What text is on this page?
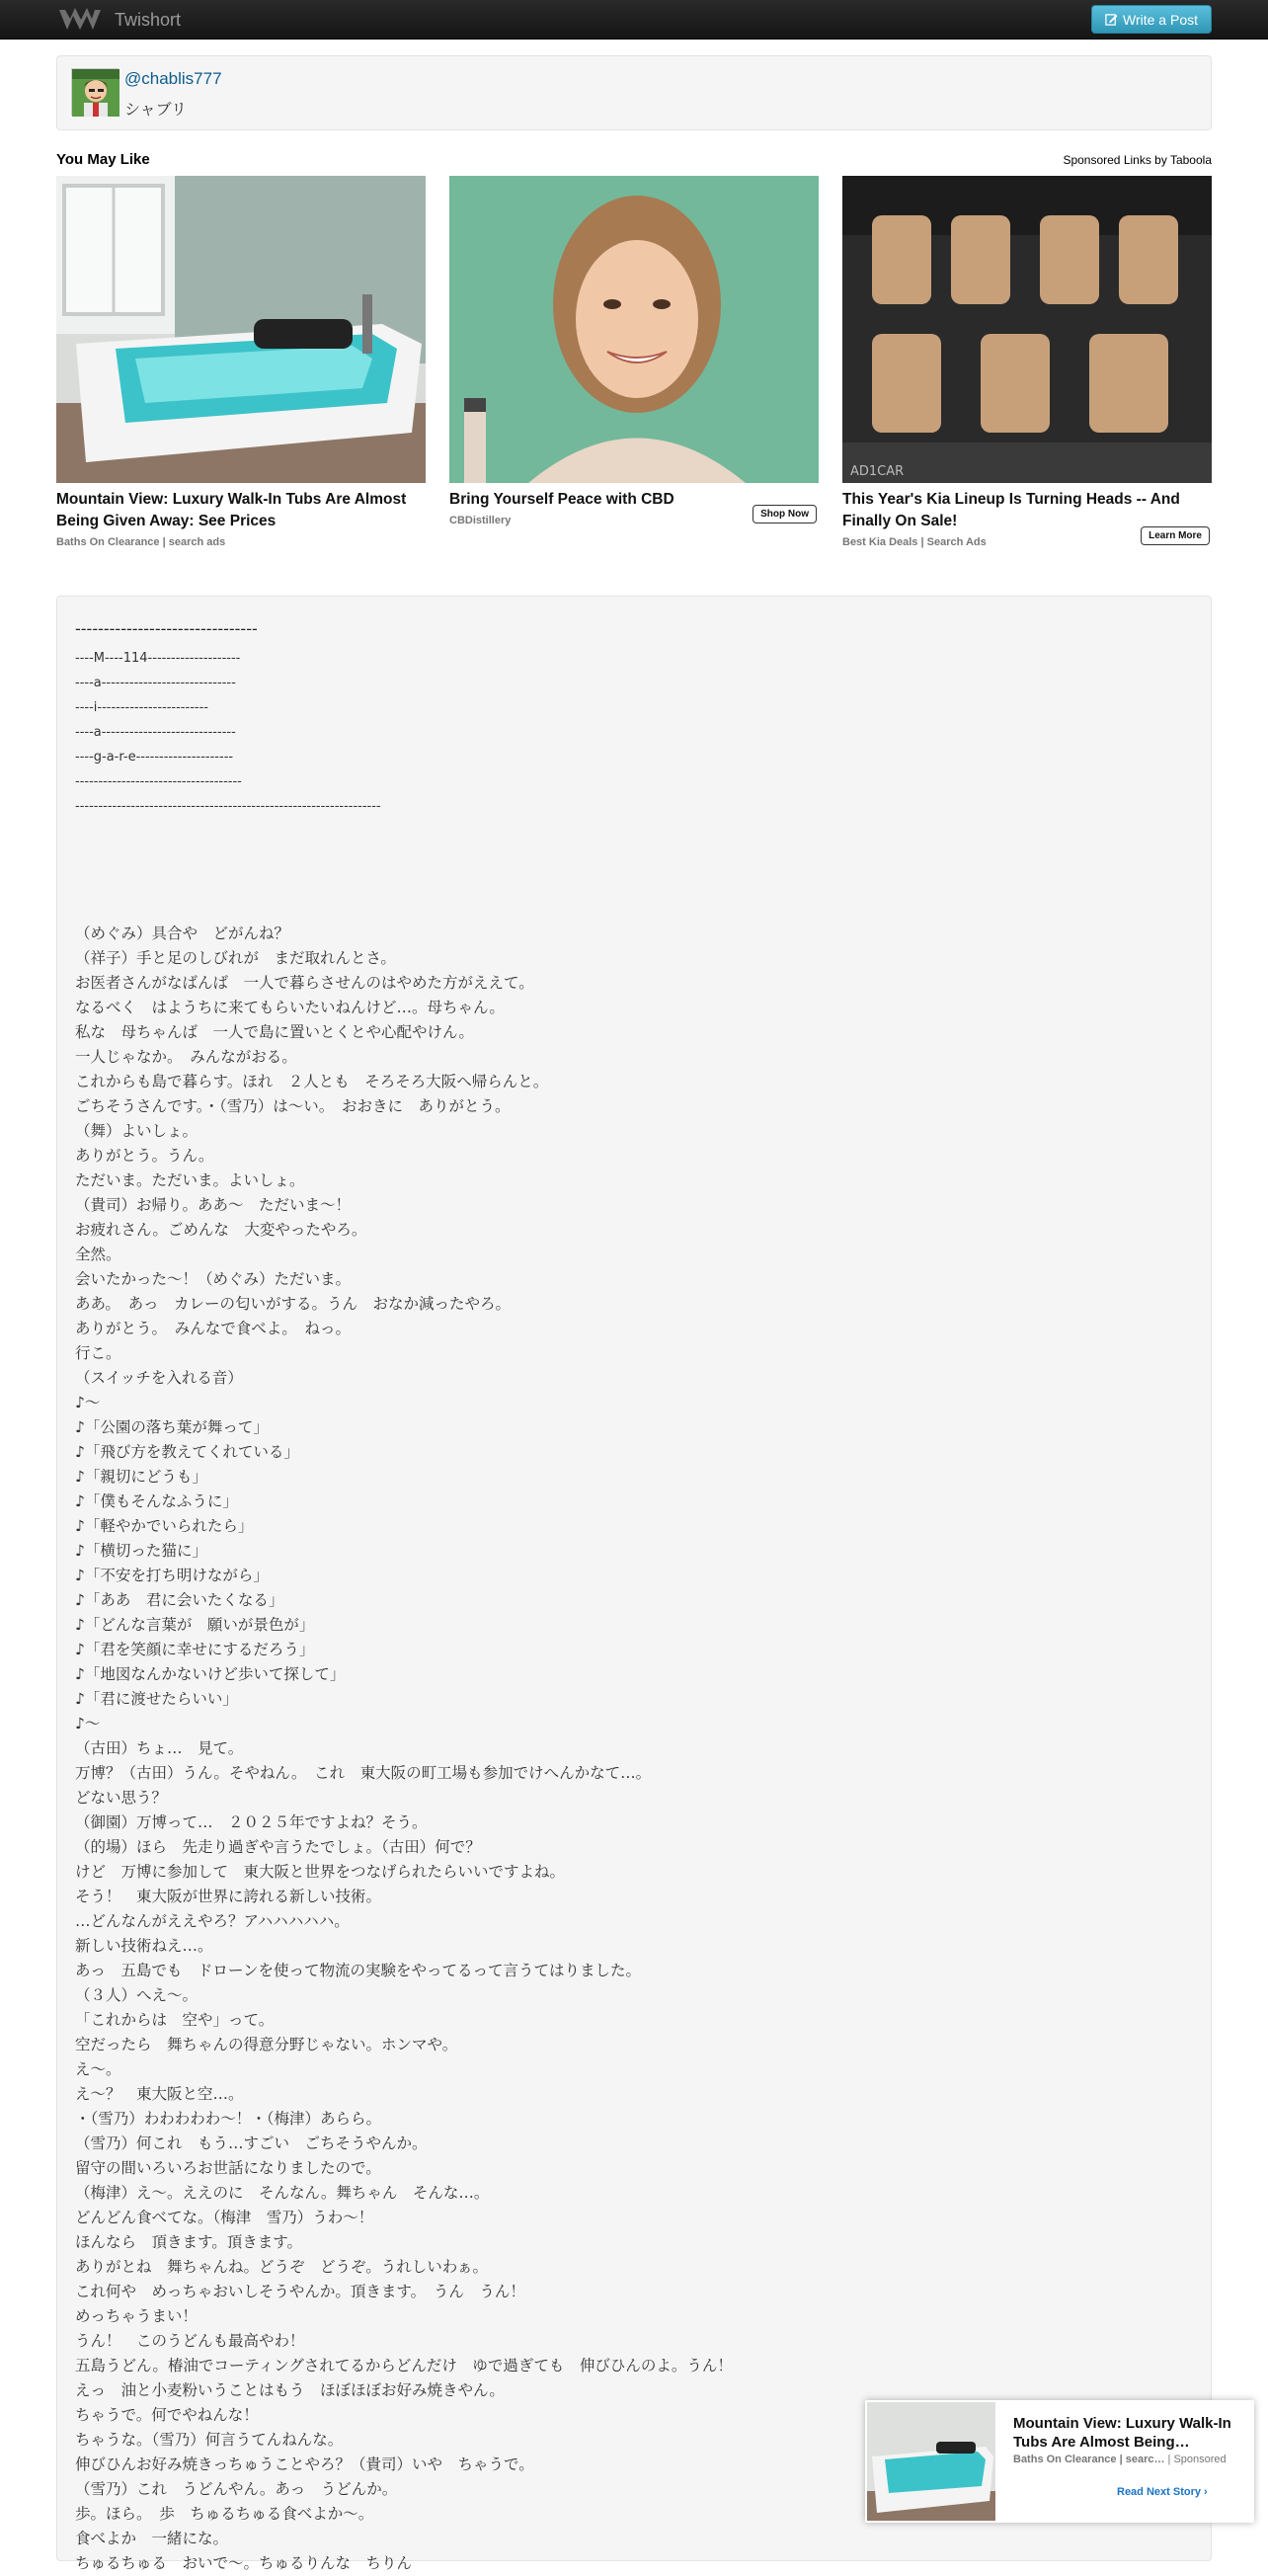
Twishort	Write a Post
@chablis777
シャブリ
You May Like	Sponsored Links by Taboola
Mountain View: Luxury Walk-In Tubs Are Almost Being Given Away: See Prices
Baths On Clearance | search ads
Bring Yourself Peace with CBD
CBDistillery
Shop Now
AD1CAR
This Year's Kia Lineup Is Turning Heads -- And Finally On Sale!
Best Kia Deals | Search Ads
Learn More
--------------------------------
----M----114--------------------
----a-----------------------------
----i------------------------
----a-----------------------------
----g-a-r-e---------------------
------------------------------------
------------------------------------------------------------------
（めぐみ）具合や　どがんね？
（祥子）手と足のしびれが　まだ取れんとさ。
お医者さんがなばんば　一人で暮らさせんのはやめた方がええて。
なるべく　はようちに来てもらいたいねんけど…。母ちゃん。
私な　母ちゃんば　一人で島に置いとくとや心配やけん。
一人じゃなか。　みんながおる。
これからも島で暮らす。ほれ　２人とも　そろそろ大阪へ帰らんと。
ごちそうさんです。・（雪乃）は～い。　おおきに　ありがとう。
（舞）よいしょ。
ありがとう。うん。
ただいま。ただいま。よいしょ。
（貴司）お帰り。ああ～　ただいま～！
お疲れさん。ごめんな　大変やったやろ。
全然。
会いたかった～！（めぐみ）ただいま。
ああ。　あっ　カレーの匂いがする。うん　おなか減ったやろ。
ありがとう。　みんなで食べよ。　ねっ。
行こ。
（スイッチを入れる音）
♪～
♪「公園の落ち葉が舞って」
♪「飛び方を教えてくれている」
♪「親切にどうも」
♪「僕もそんなふうに」
♪「軽やかでいられたら」
♪「横切った猫に」
♪「不安を打ち明けながら」
♪「ああ　君に会いたくなる」
♪「どんな言葉が　願いが景色が」
♪「君を笑顔に幸せにするだろう」
♪「地図なんかないけど歩いて探して」
♪「君に渡せたらいい」
♪～
（古田）ちょ…　見て。
万博？（古田）うん。そやねん。　これ　東大阪の町工場も参加でけへんかなて…。
どない思う？
（御園）万博って…　２０２５年ですよね？そう。
（的場）ほら　先走り過ぎや言うたでしょ。（古田）何で？
けど　万博に参加して　東大阪と世界をつなげられたらいいですよね。
そう！　東大阪が世界に誇れる新しい技術。
…どんなんがええやろ？アハハハハハ。
新しい技術ねえ…。
あっ　五島でも　ドローンを使って物流の実験をやってるって言うてはりました。
（３人）へえ～。
「これからは　空や」って。
空だったら　舞ちゃんの得意分野じゃない。ホンマや。
え～。
え～？　東大阪と空…。
・（雪乃）わわわわわ～！・（梅津）あらら。
（雪乃）何これ　もう…すごい　ごちそうやんか。
留守の間いろいろお世話になりましたので。
（梅津）え～。ええのに　そんなん。舞ちゃん　そんな…。
どんどん食べてな。（梅津　雪乃）うわ～！
ほんなら　頂きます。頂きます。
ありがとね　舞ちゃんね。どうぞ　どうぞ。うれしいわぁ。
これ何や　めっちゃおいしそうやんか。頂きます。　うん　うん！
めっちゃうまい！
うん！　このうどんも最高やわ！
五島うどん。椿油でコーティングされてるからどんだけ　ゆで過ぎても　伸びひんのよ。うん！
えっ　油と小麦粉いうことはもう　ほぼほぼお好み焼きやん。
ちゃうで。何でやねんな！
ちゃうな。（雪乃）何言うてんねんな。
伸びひんお好み焼きっちゅうことやろ？（貴司）いや　ちゃうで。
（雪乃）これ　うどんやん。あっ　うどんか。
歩。ほら。　歩　ちゅるちゅる食べよか～。
食べよか　一緒にな。
ちゅるちゅる　おいで～。ちゅるりんな　ちりん
Mountain View: Luxury Walk-In Tubs Are Almost Being…
Baths On Clearance | searc… | Sponsored
Read Next Story ›
